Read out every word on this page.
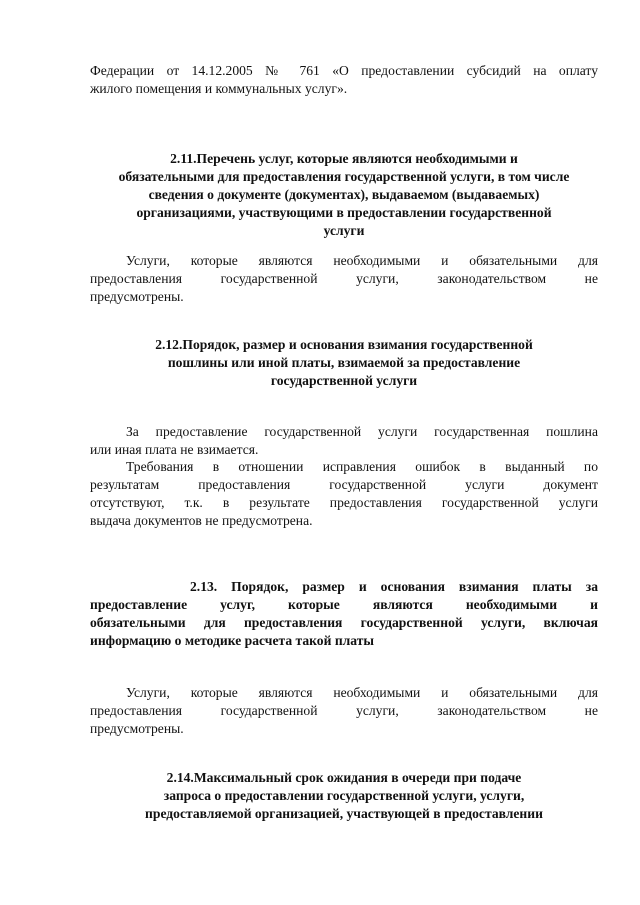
Федерации от 14.12.2005 № 761 «О предоставлении субсидий на оплату
жилого помещения и коммунальных услуг».
2.11.Перечень услуг, которые являются необходимыми и
обязательными для предоставления государственной услуги, в том числе
сведения о документе (документах), выдаваемом (выдаваемых)
организациями, участвующими в предоставлении государственной
услуги
Услуги, которые являются необходимыми и обязательными для
предоставления государственной услуги, законодательством не
предусмотрены.
2.12.Порядок, размер и основания взимания государственной
пошлины или иной платы, взимаемой за предоставление
государственной услуги
За предоставление государственной услуги государственная пошлина
или иная плата не взимается.
Требования в отношении исправления ошибок в выданный по
результатам предоставления государственной услуги документ
отсутствуют, т.к. в результате предоставления государственной услуги
выдача документов не предусмотрена.
2.13. Порядок, размер и основания взимания платы за
предоставление услуг, которые являются необходимыми и
обязательными для предоставления государственной услуги, включая
информацию о методике расчета такой платы
Услуги, которые являются необходимыми и обязательными для
предоставления государственной услуги, законодательством не
предусмотрены.
2.14.Максимальный срок ожидания в очереди при подаче
запроса о предоставлении государственной услуги, услуги,
предоставляемой организацией, участвующей в предоставлении
